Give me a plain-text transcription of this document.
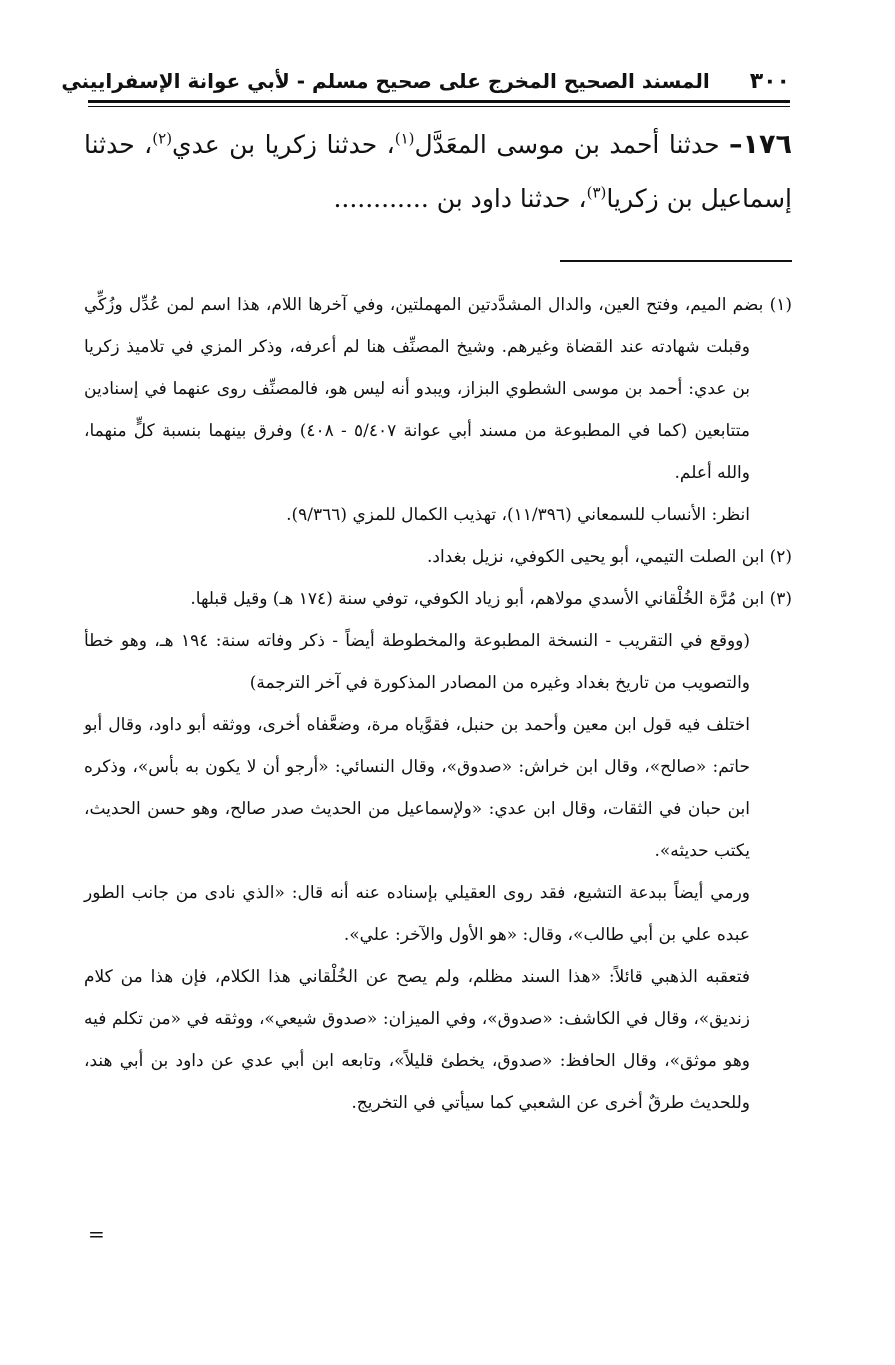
٣٠٠
المسند الصحيح المخرج على صحيح مسلم - لأبي عوانة الإسفراييني
١٧٦– حدثنا أحمد بن موسى المعَدَّل$^{(١)}$، حدثنا زكريا بن عدي$^{(٢)}$، حدثنا إسماعيل بن زكريا$^{(٣)}$، حدثنا داود بن ............

(١) بضم الميم، وفتح العين، والدال المشدَّدتين المهملتين، وفي آخرها اللام، هذا اسم لمن عُدِّل وزُكِّي وقبلت شهادته عند القضاة وغيرهم. وشيخ المصنِّف هنا لم أعرفه، وذكر المزي في تلاميذ زكريا بن عدي: أحمد بن موسى الشطوي البزاز، ويبدو أنه ليس هو، فالمصنِّف روى عنهما في إسنادين متتابعين (كما في المطبوعة من مسند أبي عوانة ٥/٤٠٧ - ٤٠٨) وفرق بينهما بنسبة كلٍّ منهما، والله أعلم.

انظر: الأنساب للسمعاني (١١/٣٩٦)، تهذيب الكمال للمزي (٩/٣٦٦).

(٢) ابن الصلت التيمي، أبو يحيى الكوفي، نزيل بغداد.

(٣) ابن مُرَّة الخُلْقاني الأسدي مولاهم، أبو زياد الكوفي، توفي سنة (١٧٤ هـ) وقيل قبلها.

(ووقع في التقريب - النسخة المطبوعة والمخطوطة أيضاً - ذكر وفاته سنة: ١٩٤ هـ، وهو خطأ والتصويب من تاريخ بغداد وغيره من المصادر المذكورة في آخر الترجمة)

اختلف فيه قول ابن معين وأحمد بن حنبل، فقوَّياه مرة، وضعَّفاه أخرى، ووثقه أبو داود، وقال أبو حاتم: «صالح»، وقال ابن خراش: «صدوق»، وقال النسائي: «أرجو أن لا يكون به بأس»، وذكره ابن حبان في الثقات، وقال ابن عدي: «ولإسماعيل من الحديث صدر صالح، وهو حسن الحديث، يكتب حديثه».

ورمي أيضاً ببدعة التشيع، فقد روى العقيلي بإسناده عنه أنه قال: «الذي نادى من جانب الطور عبده علي بن أبي طالب»، وقال: «هو الأول والآخر: علي».

فتعقبه الذهبي قائلاً: «هذا السند مظلم، ولم يصح عن الخُلْقاني هذا الكلام، فإن هذا من كلام زنديق»، وقال في الكاشف: «صدوق»، وفي الميزان: «صدوق شيعي»، ووثقه في «من تكلم فيه وهو موثق»، وقال الحافظ: «صدوق، يخطئ قليلاً»، وتابعه ابن أبي عدي عن داود بن أبي هند، وللحديث طرقٌ أخرى عن الشعبي كما سيأتي في التخريج.

=
